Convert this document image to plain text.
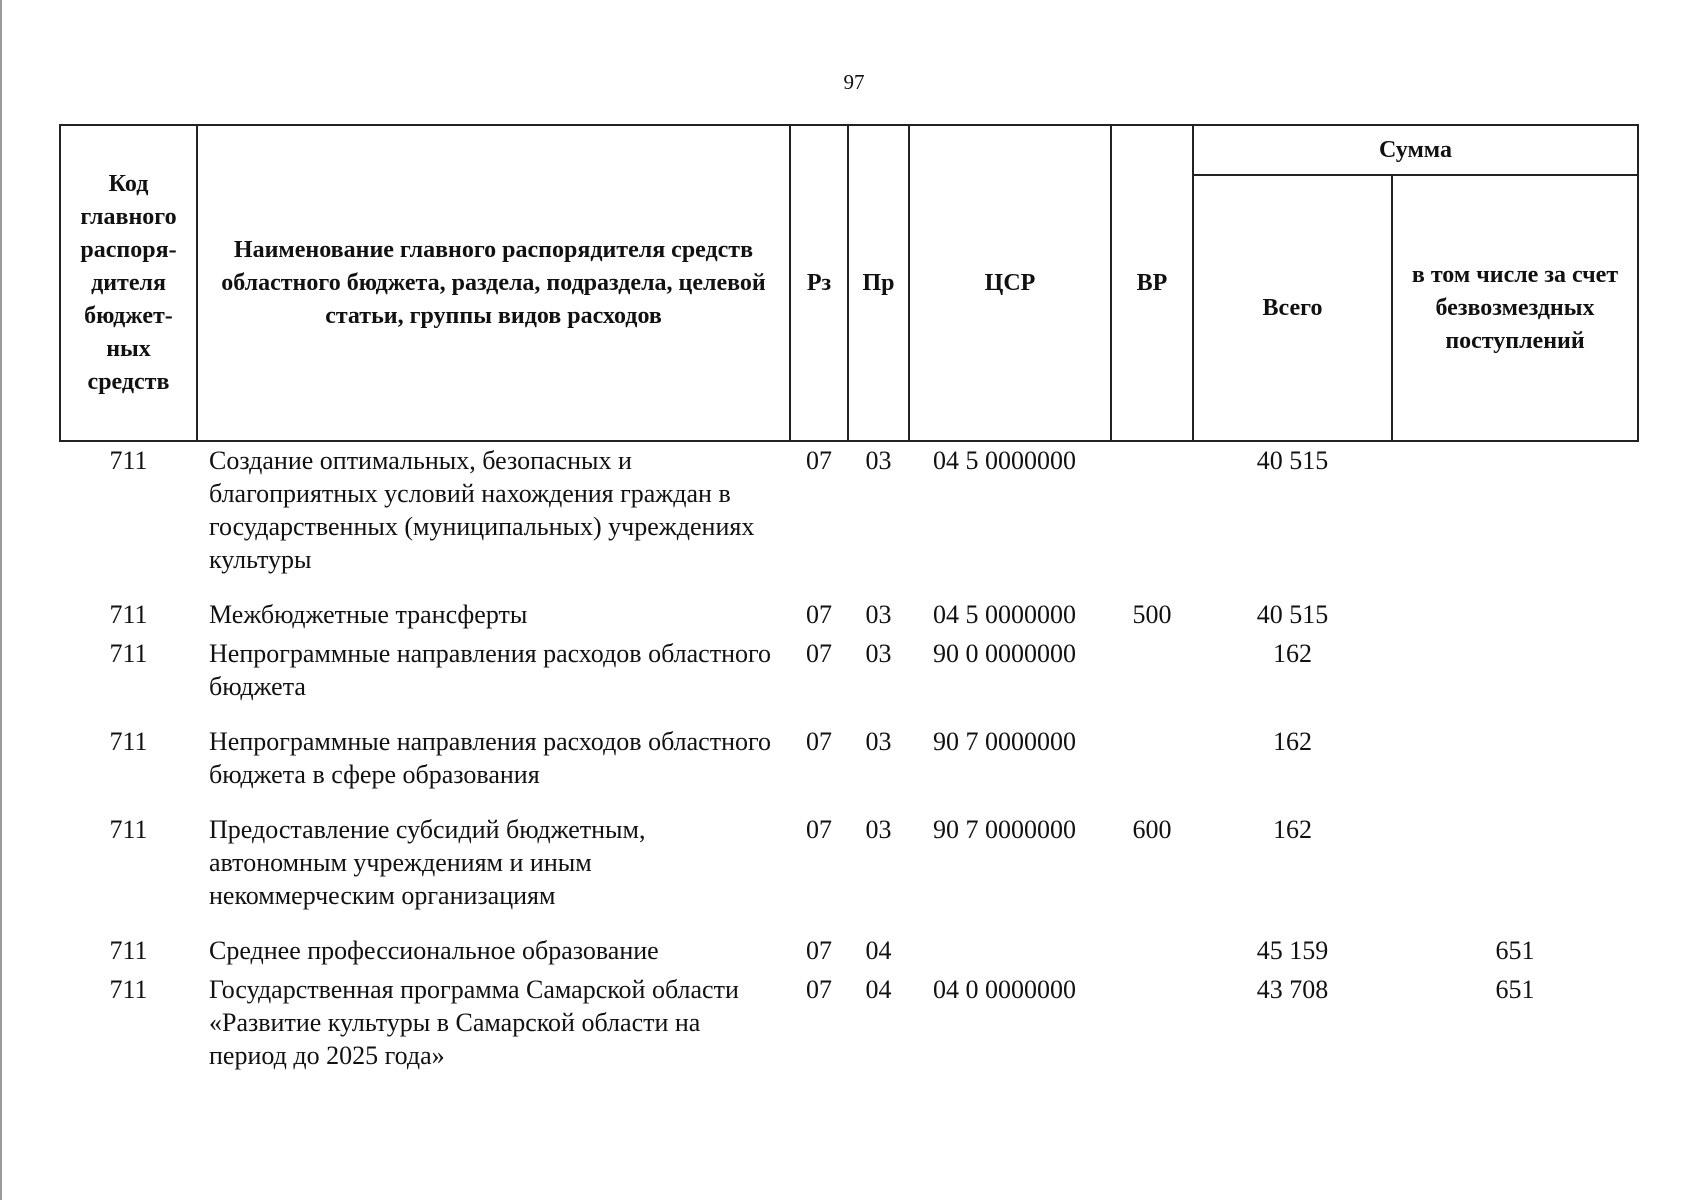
97
Код главного распоря-дителя бюджет-ных средств	Наименование главного распорядителя средств областного бюджета, раздела, подраздела, целевой статьи, группы видов расходов	Рз	Пр	ЦСР	ВР	Сумма	
						Всего	в том числе за счет безвозмездных поступлений
711	Создание оптимальных, безопасных и благоприятных условий нахождения граждан в государственных (муниципальных) учреждениях культуры	07	03	04 5 0000000		40 515	
711	Межбюджетные трансферты	07	03	04 5 0000000	500	40 515	
711	Непрограммные направления расходов областного бюджета	07	03	90 0 0000000		162	
711	Непрограммные направления расходов областного бюджета в сфере образования	07	03	90 7 0000000		162	
711	Предоставление субсидий бюджетным, автономным учреждениям и иным некоммерческим организациям	07	03	90 7 0000000	600	162	
711	Среднее профессиональное образование	07	04			45 159	651
711	Государственная программа Самарской области «Развитие культуры в Самарской области на период до 2025 года»	07	04	04 0 0000000		43 708	651
